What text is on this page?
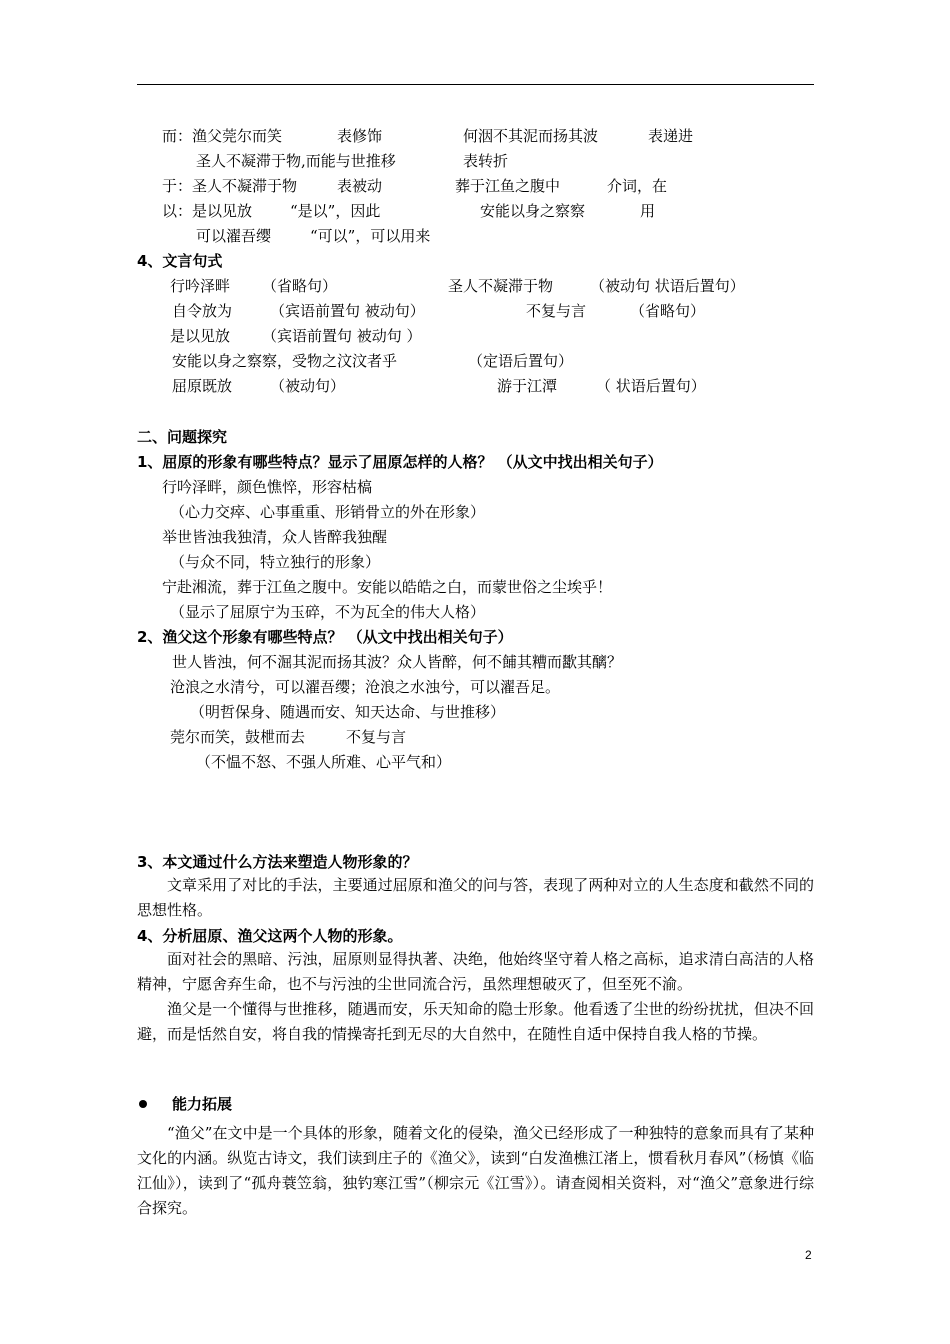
而：渔父莞尔而笑	表修饰	何洇不其泥而扬其波	表递进
圣人不凝滞于物,而能与世推移	表转折
于：圣人不凝滞于物	表被动	葬于江鱼之腹中	介词，在
以：是以见放	“是以”，因此	安能以身之察察	用
可以濯吾缨	“可以”，可以用来
4、文言句式
行吟泽畔 （省略句）	圣人不凝滞于物 （被动句 状语后置句）
自令放为	（宾语前置句 被动句）	不复与言	（省略句）
是以见放 （宾语前置句 被动句 ）
安能以身之察察，受物之汶汶者乎	（定语后置句）
屈原既放	（被动句）	游于江潭	（ 状语后置句）
二、问题探究
1、屈原的形象有哪些特点？显示了屈原怎样的人格？ （从文中找出相关句子）
行吟泽畔，颜色憔悴，形容枯槁
（心力交瘁、心事重重、形销骨立的外在形象）
举世皆浊我独清，众人皆醉我独醒
（与众不同，特立独行的形象）
宁赴湘流，葬于江鱼之腹中。安能以皓皓之白，而蒙世俗之尘埃乎！
（显示了屈原宁为玉碎，不为瓦全的伟大人格）
2、渔父这个形象有哪些特点？ （从文中找出相关句子）
世人皆浊，何不淈其泥而扬其波？众人皆醉，何不餔其糟而歠其醨？
沧浪之水清兮，可以濯吾缨；沧浪之水浊兮，可以濯吾足。
（明哲保身、随遇而安、知天达命、与世推移）
莞尔而笑，鼓枻而去	不复与言
（不愠不怒、不强人所难、心平气和）
3、本文通过什么方法来塑造人物形象的？
文章采用了对比的手法，主要通过屈原和渔父的问与答，表现了两种对立的人生态度和截然不同的思想性格。
4、分析屈原、渔父这两个人物的形象。
面对社会的黑暗、污浊，屈原则显得执著、决绝，他始终坚守着人格之高标，追求清白高洁的人格精神，宁愿舍弃生命，也不与污浊的尘世同流合污，虽然理想破灭了，但至死不渝。
渔父是一个懂得与世推移，随遇而安，乐天知命的隐士形象。他看透了尘世的纷纷扰扰，但决不回避，而是恬然自安，将自我的情操寄托到无尽的大自然中，在随性自适中保持自我人格的节操。
能力拓展
“渔父”在文中是一个具体的形象，随着文化的侵染，渔父已经形成了一种独特的意象而具有了某种文化的内涵。纵览古诗文，我们读到庄子的《渔父》，读到“白发渔樵江渚上，惯看秋月春风”（杨慎《临江仙》），读到了“孤舟蓑笠翁，独钓寒江雪”（柳宗元《江雪》）。请查阅相关资料，对“渔父”意象进行综合探究。
2
